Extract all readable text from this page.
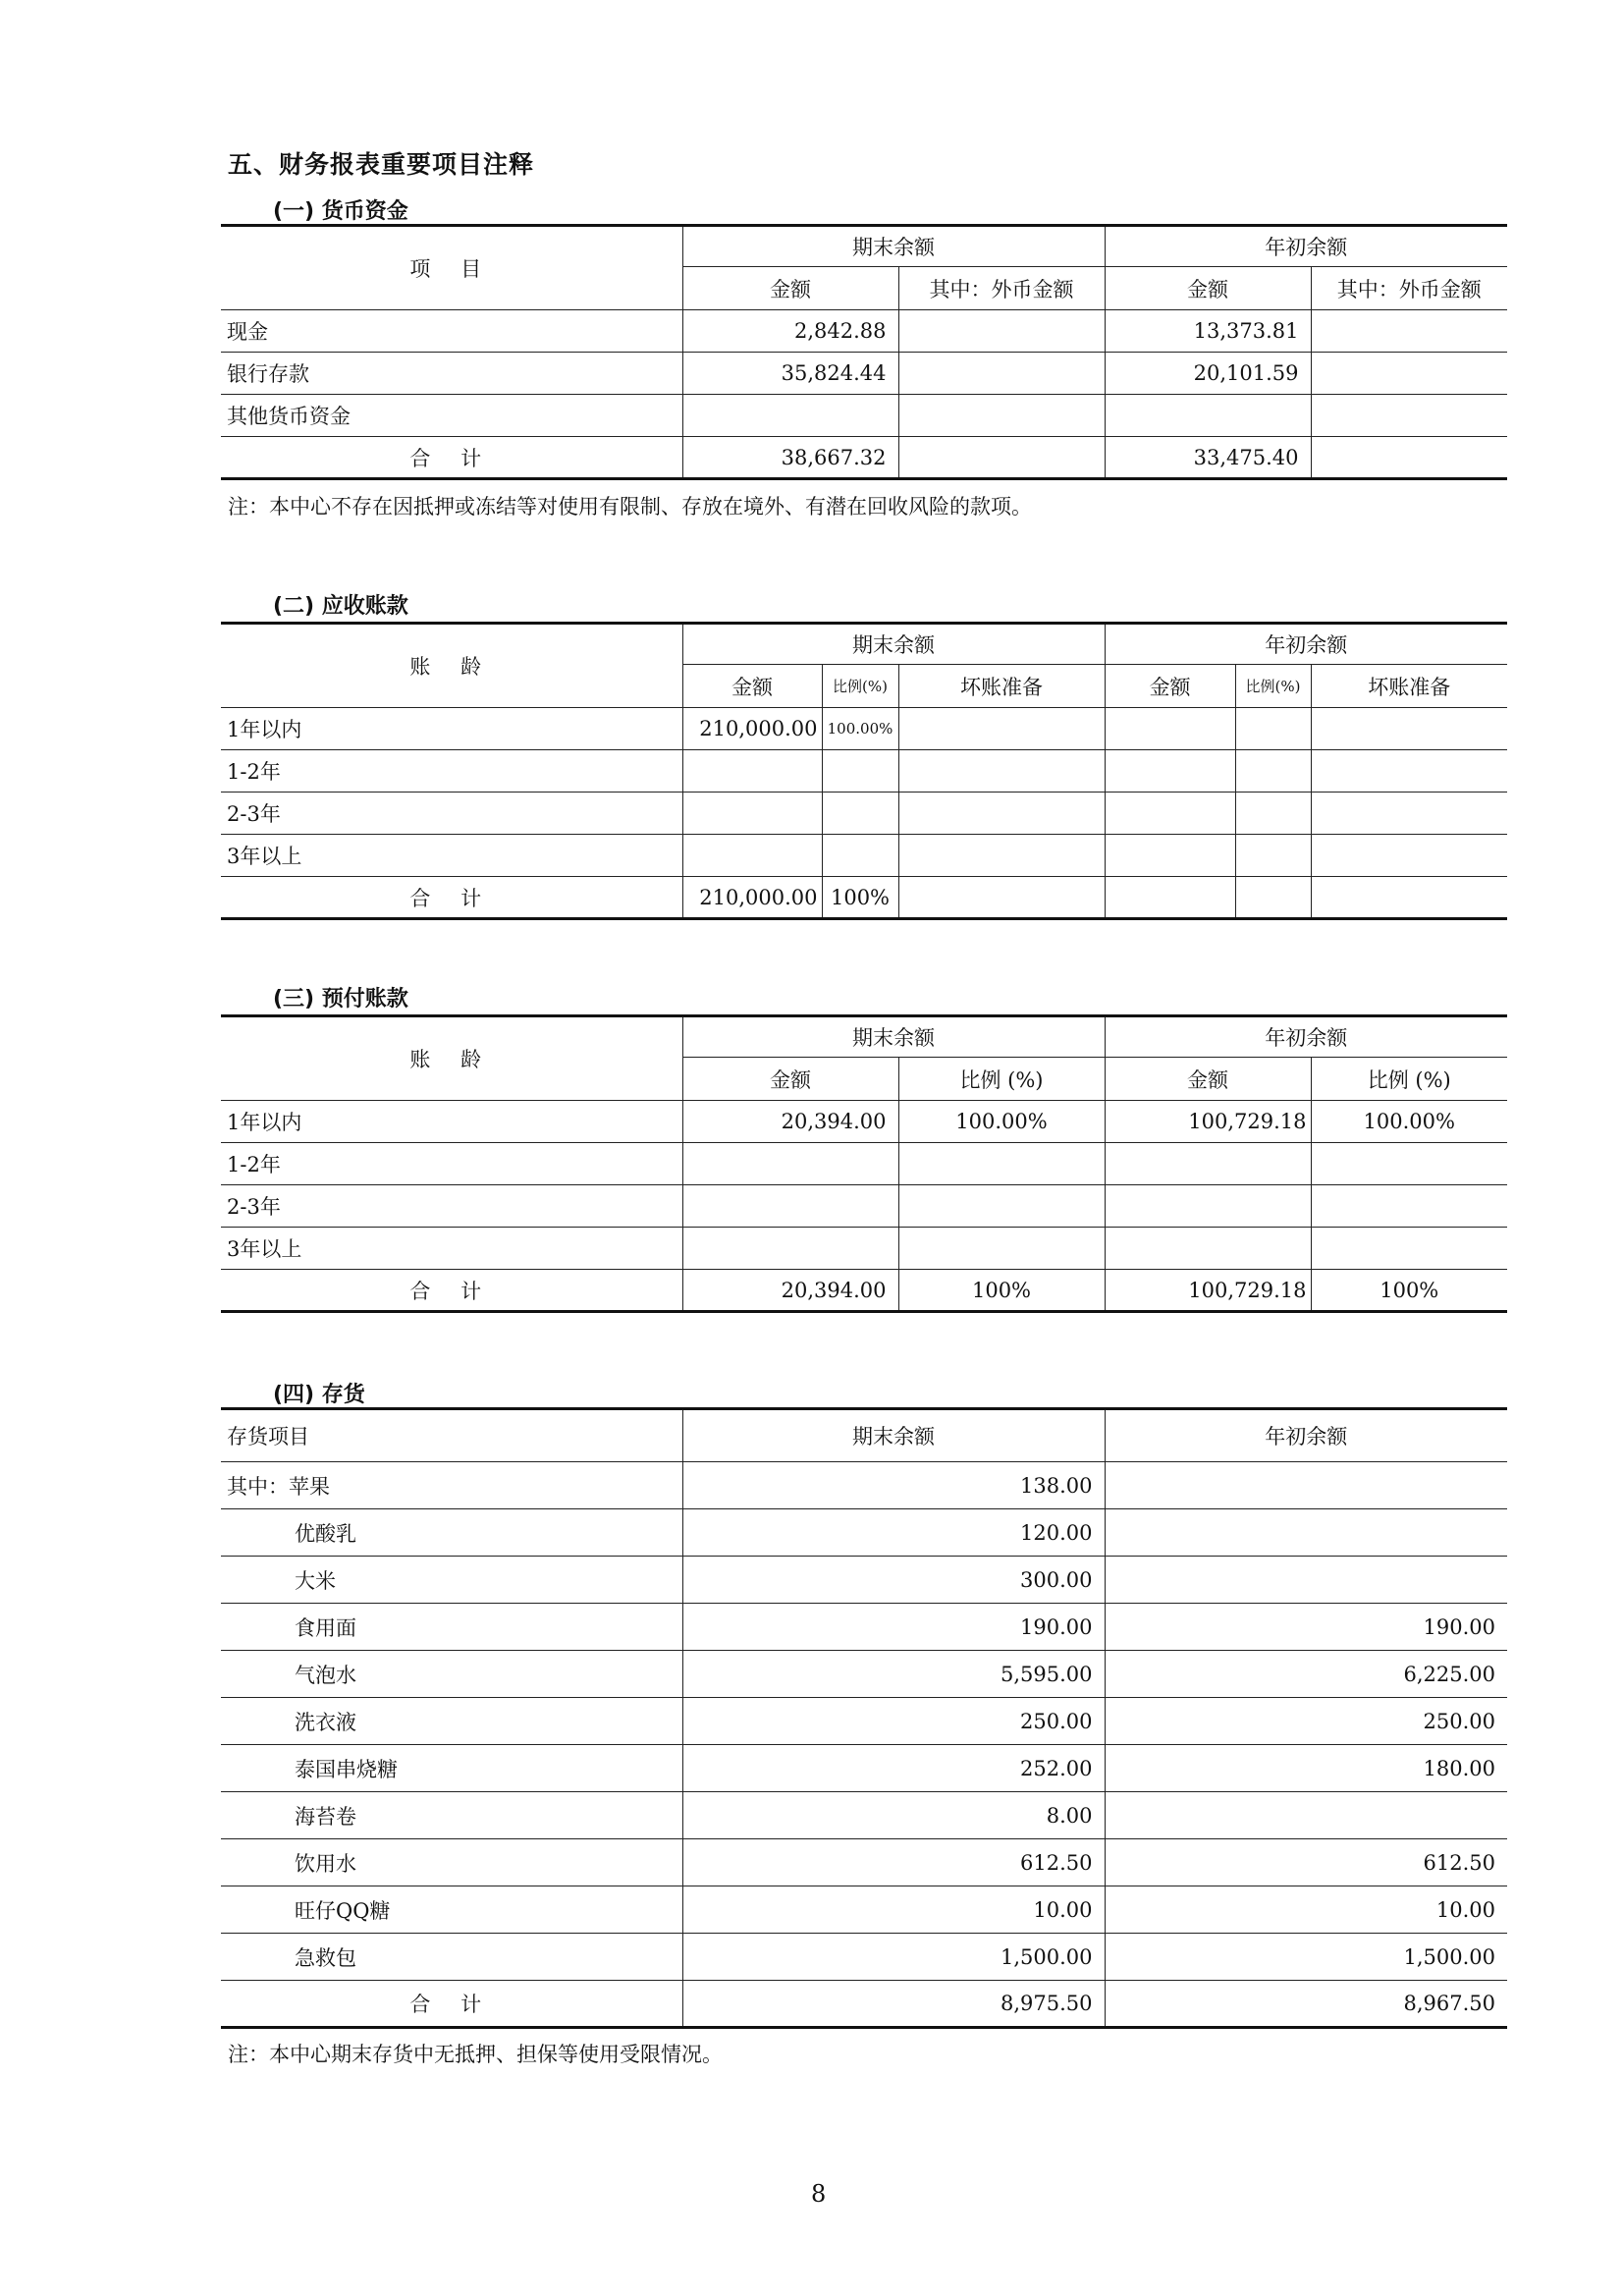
五、财务报表重要项目注释
(一) 货币资金
项 目	期末余额		年初余额	
	金额	其中：外币金额	金额	其中：外币金额
现金	2,842.88		13,373.81	
银行存款	35,824.44		20,101.59	
其他货币资金				
合 计	38,667.32		33,475.40	
注：本中心不存在因抵押或冻结等对使用有限制、存放在境外、有潜在回收风险的款项。
(二) 应收账款
账 龄	期末余额			年初余额		
	金额	比例(%)	坏账准备	金额	比例(%)	坏账准备
1年以内	210,000.00	100.00%				
1-2年						
2-3年						
3年以上						
合 计	210,000.00	100%				
(三) 预付账款
账 龄	期末余额		年初余额	
	金额	比例 (%)	金额	比例 (%)
1年以内	20,394.00	100.00%	100,729.18	100.00%
1-2年				
2-3年				
3年以上				
合 计	20,394.00	100%	100,729.18	100%
(四) 存货
存货项目	期末余额	年初余额
其中：苹果	138.00	
优酸乳	120.00	
大米	300.00	
食用面	190.00	190.00
气泡水	5,595.00	6,225.00
洗衣液	250.00	250.00
泰国串烧糖	252.00	180.00
海苔卷	8.00	
饮用水	612.50	612.50
旺仔QQ糖	10.00	10.00
急救包	1,500.00	1,500.00
合 计	8,975.50	8,967.50
注：本中心期末存货中无抵押、担保等使用受限情况。
8
